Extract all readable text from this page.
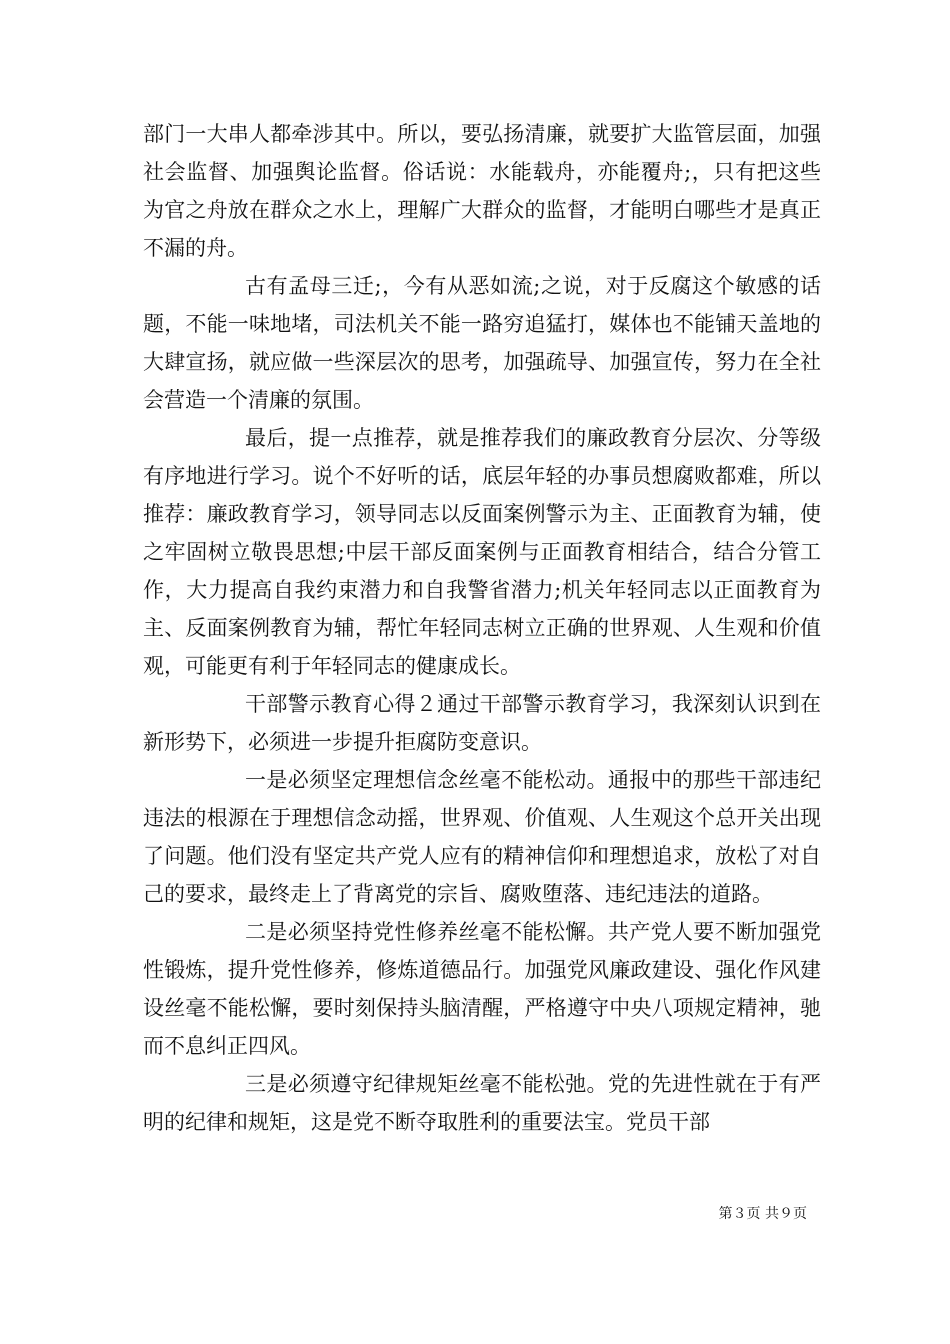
部门一大串人都牵涉其中。所以，要弘扬清廉，就要扩大监管层面，加强社会监督、加强舆论监督。俗话说：水能载舟，亦能覆舟;，只有把这些为官之舟放在群众之水上，理解广大群众的监督，才能明白哪些才是真正不漏的舟。

古有孟母三迁;，今有从恶如流;之说，对于反腐这个敏感的话题，不能一味地堵，司法机关不能一路穷追猛打，媒体也不能铺天盖地的大肆宣扬，就应做一些深层次的思考，加强疏导、加强宣传，努力在全社会营造一个清廉的氛围。

最后，提一点推荐，就是推荐我们的廉政教育分层次、分等级有序地进行学习。说个不好听的话，底层年轻的办事员想腐败都难，所以推荐：廉政教育学习，领导同志以反面案例警示为主、正面教育为辅，使之牢固树立敬畏思想;中层干部反面案例与正面教育相结合，结合分管工作，大力提高自我约束潜力和自我警省潜力;机关年轻同志以正面教育为主、反面案例教育为辅，帮忙年轻同志树立正确的世界观、人生观和价值观，可能更有利于年轻同志的健康成长。

干部警示教育心得２通过干部警示教育学习，我深刻认识到在新形势下，必须进一步提升拒腐防变意识。

一是必须坚定理想信念丝毫不能松动。通报中的那些干部违纪违法的根源在于理想信念动摇，世界观、价值观、人生观这个总开关出现了问题。他们没有坚定共产党人应有的精神信仰和理想追求，放松了对自己的要求，最终走上了背离党的宗旨、腐败堕落、违纪违法的道路。

二是必须坚持党性修养丝毫不能松懈。共产党人要不断加强党性锻炼，提升党性修养，修炼道德品行。加强党风廉政建设、强化作风建设丝毫不能松懈，要时刻保持头脑清醒，严格遵守中央八项规定精神，驰而不息纠正四风。

三是必须遵守纪律规矩丝毫不能松弛。党的先进性就在于有严明的纪律和规矩，这是党不断夺取胜利的重要法宝。党员干部

第３页 共９页
